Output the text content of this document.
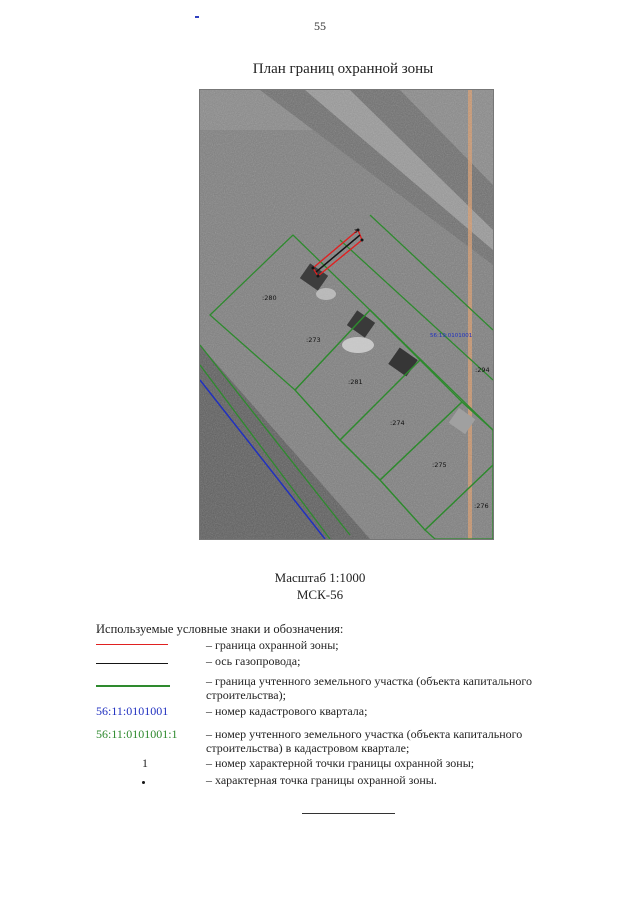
55
План границ охранной зоны
:280
:273
:281
:274
:275
:276
:294
3
56:19:0101001
Масштаб 1:1000
МСК-56
Используемые условные знаки и обозначения:
– граница охранной зоны;
– ось газопровода;
– граница учтенного земельного участка (объекта капитального строительства);
56:11:0101001	– номер кадастрового квартала;
56:11:0101001:1	– номер учтенного земельного участка (объекта капитального строительства) в кадастровом квартале;
1	– номер характерной точки границы охранной зоны;
– характерная точка границы охранной зоны.
